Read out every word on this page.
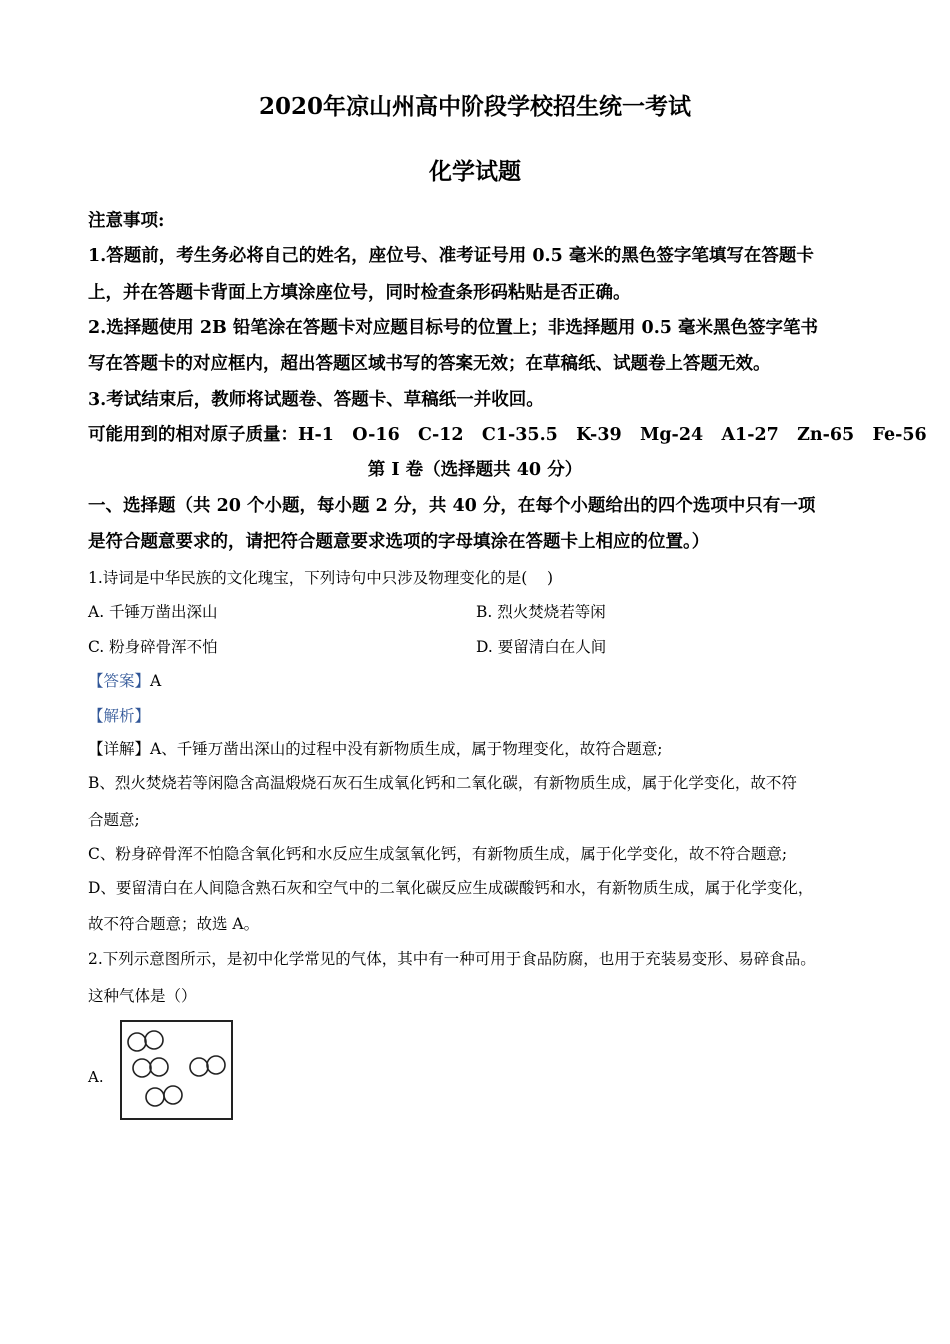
2020年凉山州高中阶段学校招生统一考试
化学试题
注意事项:
1.答题前，考生务必将自己的姓名，座位号、准考证号用 0.5 毫米的黑色签字笔填写在答题卡
上，并在答题卡背面上方填涂座位号，同时检查条形码粘贴是否正确。
2.选择题使用 2B 铅笔涂在答题卡对应题目标号的位置上；非选择题用 0.5 毫米黑色签字笔书
写在答题卡的对应框内，超出答题区域书写的答案无效；在草稿纸、试题卷上答题无效。
3.考试结束后，教师将试题卷、答题卡、草稿纸一并收回。
可能用到的相对原子质量：H-1   O-16   C-12   C1-35.5   K-39   Mg-24   A1-27   Zn-65   Fe-56
第 I 卷（选择题共 40 分）
一、选择题（共 20 个小题，每小题 2 分，共 40 分，在每个小题给出的四个选项中只有一项
是符合题意要求的，请把符合题意要求选项的字母填涂在答题卡上相应的位置。）
1.诗词是中华民族的文化瑰宝，下列诗句中只涉及物理变化的是(    )
A. 千锤万凿出深山	B. 烈火焚烧若等闲
C. 粉身碎骨浑不怕	D. 要留清白在人间
【答案】A
【解析】
【详解】A、千锤万凿出深山的过程中没有新物质生成，属于物理变化，故符合题意;
B、烈火焚烧若等闲隐含高温煅烧石灰石生成氧化钙和二氧化碳，有新物质生成，属于化学变化，故不符
合题意;
C、粉身碎骨浑不怕隐含氧化钙和水反应生成氢氧化钙，有新物质生成，属于化学变化，故不符合题意;
D、要留清白在人间隐含熟石灰和空气中的二氧化碳反应生成碳酸钙和水，有新物质生成，属于化学变化，
故不符合题意；故选 A。
2.下列示意图所示，是初中化学常见的气体，其中有一种可用于食品防腐，也用于充装易变形、易碎食品。
这种气体是（）
A.
